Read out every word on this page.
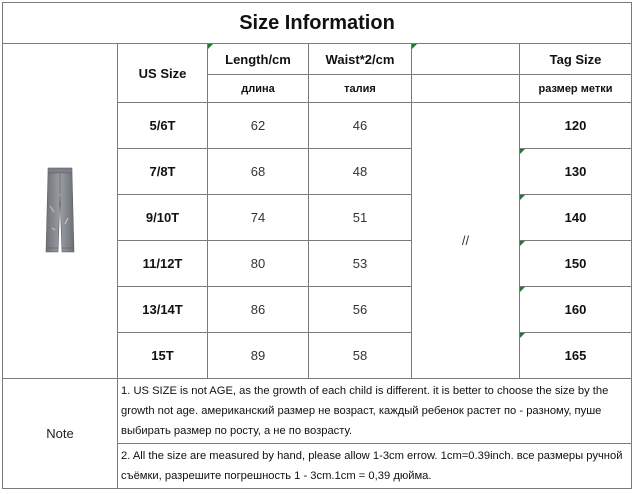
Size Information					

	US Size	Length/cm	Waist*2/cm		Tag Size
		длина	талия		размер метки
	5/6T	62	46	//	120
	7/8T	68	48		130
	9/10T	74	51		140
	11/12T	80	53		150
	13/14T	86	56		160
	15T	89	58		165
Note	1. US SIZE is not AGE, as the growth of each child is different. it is better to choose the size by the growth not age. американский размер не возраст, каждый ребенок растет по - разному, пуше выбирать размер по росту, а не по возрасту.				
	2. All the size are measured by hand, please allow 1-3cm errow. 1cm=0.39inch. все размеры ручной съёмки, разрешите погрешность 1 - 3cm.1cm = 0,39 дюйма.				
